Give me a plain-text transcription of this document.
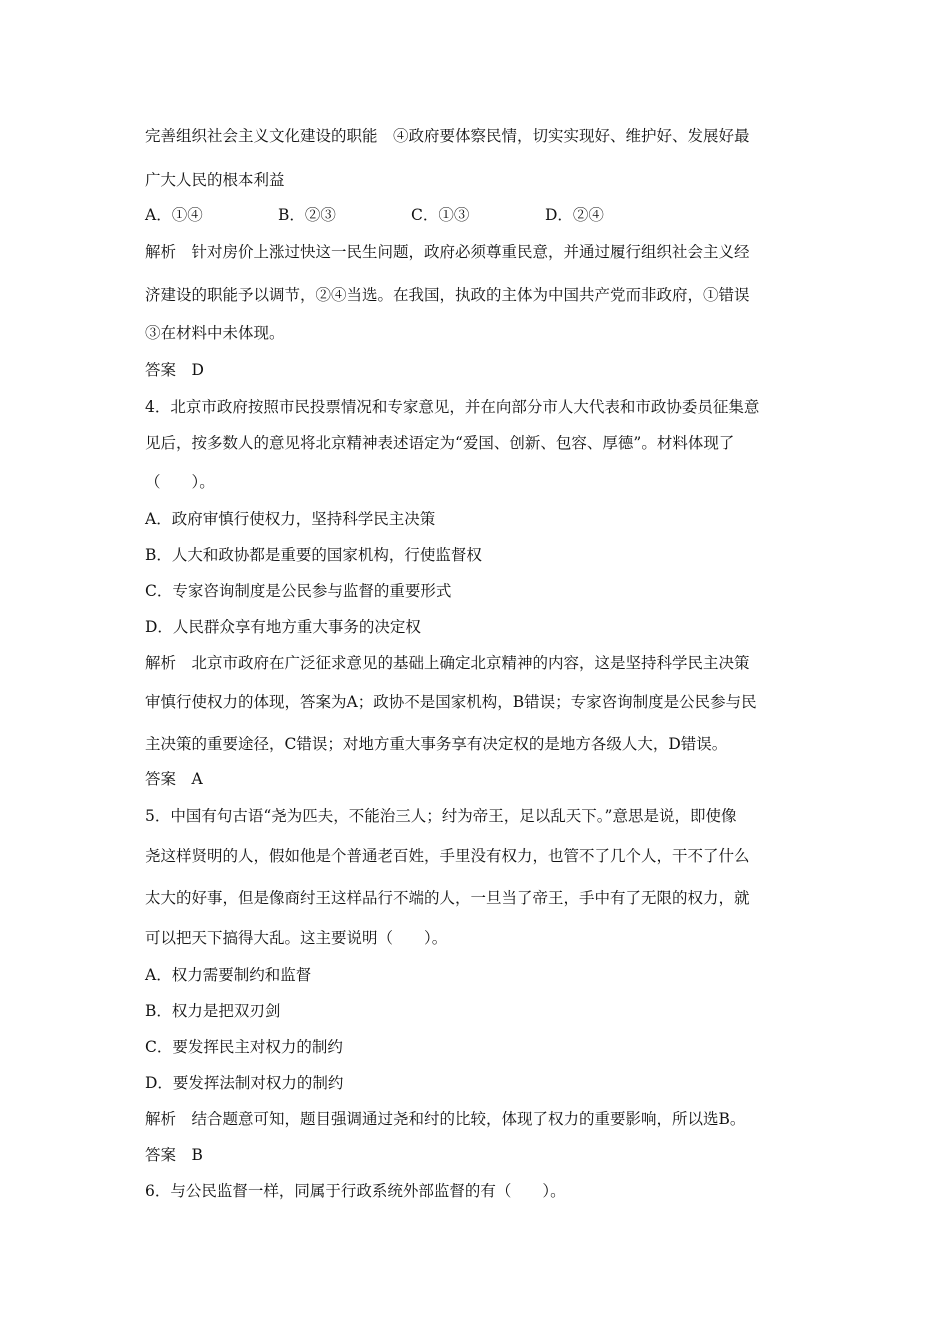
完善组织社会主义文化建设的职能　④政府要体察民情，切实实现好、维护好、发展好最
广大人民的根本利益
A．①④	B．②③	C．①③	D．②④
解析　针对房价上涨过快这一民生问题，政府必须尊重民意，并通过履行组织社会主义经
济建设的职能予以调节，②④当选。在我国，执政的主体为中国共产党而非政府，①错误
③在材料中未体现。
答案　D
4．北京市政府按照市民投票情况和专家意见，并在向部分市人大代表和市政协委员征集意
见后，按多数人的意见将北京精神表述语定为“爱国、创新、包容、厚德”。材料体现了
（　　）。
A．政府审慎行使权力，坚持科学民主决策
B．人大和政协都是重要的国家机构，行使监督权
C．专家咨询制度是公民参与监督的重要形式
D．人民群众享有地方重大事务的决定权
解析　北京市政府在广泛征求意见的基础上确定北京精神的内容，这是坚持科学民主决策
审慎行使权力的体现，答案为A；政协不是国家机构，B错误；专家咨询制度是公民参与民
主决策的重要途径，C错误；对地方重大事务享有决定权的是地方各级人大，D错误。
答案　A
5．中国有句古语“尧为匹夫，不能治三人；纣为帝王，足以乱天下。”意思是说，即使像
尧这样贤明的人，假如他是个普通老百姓，手里没有权力，也管不了几个人，干不了什么
太大的好事，但是像商纣王这样品行不端的人，一旦当了帝王，手中有了无限的权力，就
可以把天下搞得大乱。这主要说明（　　）。
A．权力需要制约和监督
B．权力是把双刃剑
C．要发挥民主对权力的制约
D．要发挥法制对权力的制约
解析　结合题意可知，题目强调通过尧和纣的比较，体现了权力的重要影响，所以选B。
答案　B
6．与公民监督一样，同属于行政系统外部监督的有（　　）。
